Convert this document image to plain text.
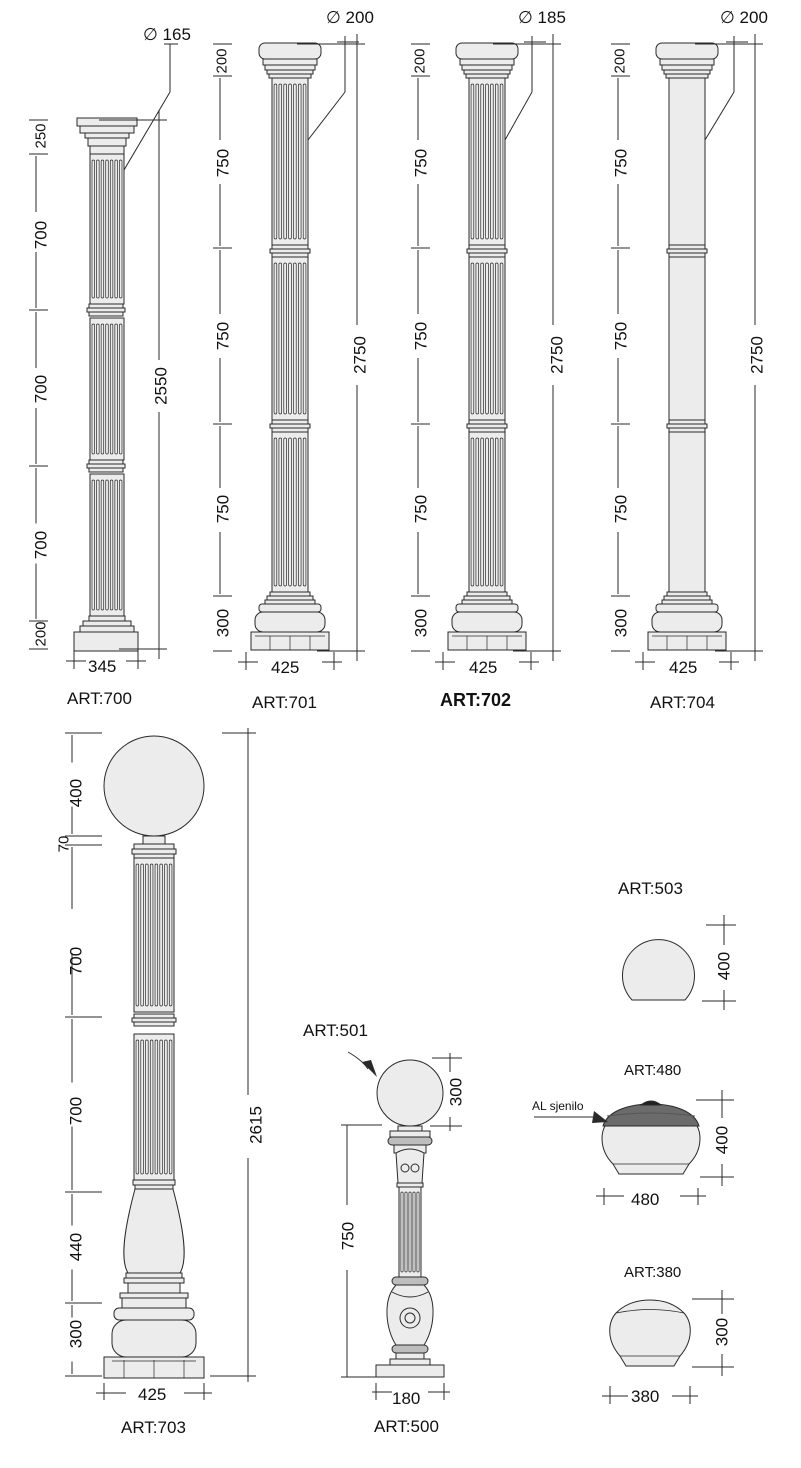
∅ 165
2550
250
700
700
700
200
345
ART:700
∅ 200
2750
200
750
750
750
300
425
ART:701
∅ 185
2750
200
750
750
750
300
425
ART:702
∅ 200
2750
200
750
750
750
300
425
ART:704
2615
400
70
700
700
440
300
425
ART:703
ART:501
300
750
180
ART:500
ART:503
400
ART:480
AL sjenilo
400
480
ART:380
300
380
